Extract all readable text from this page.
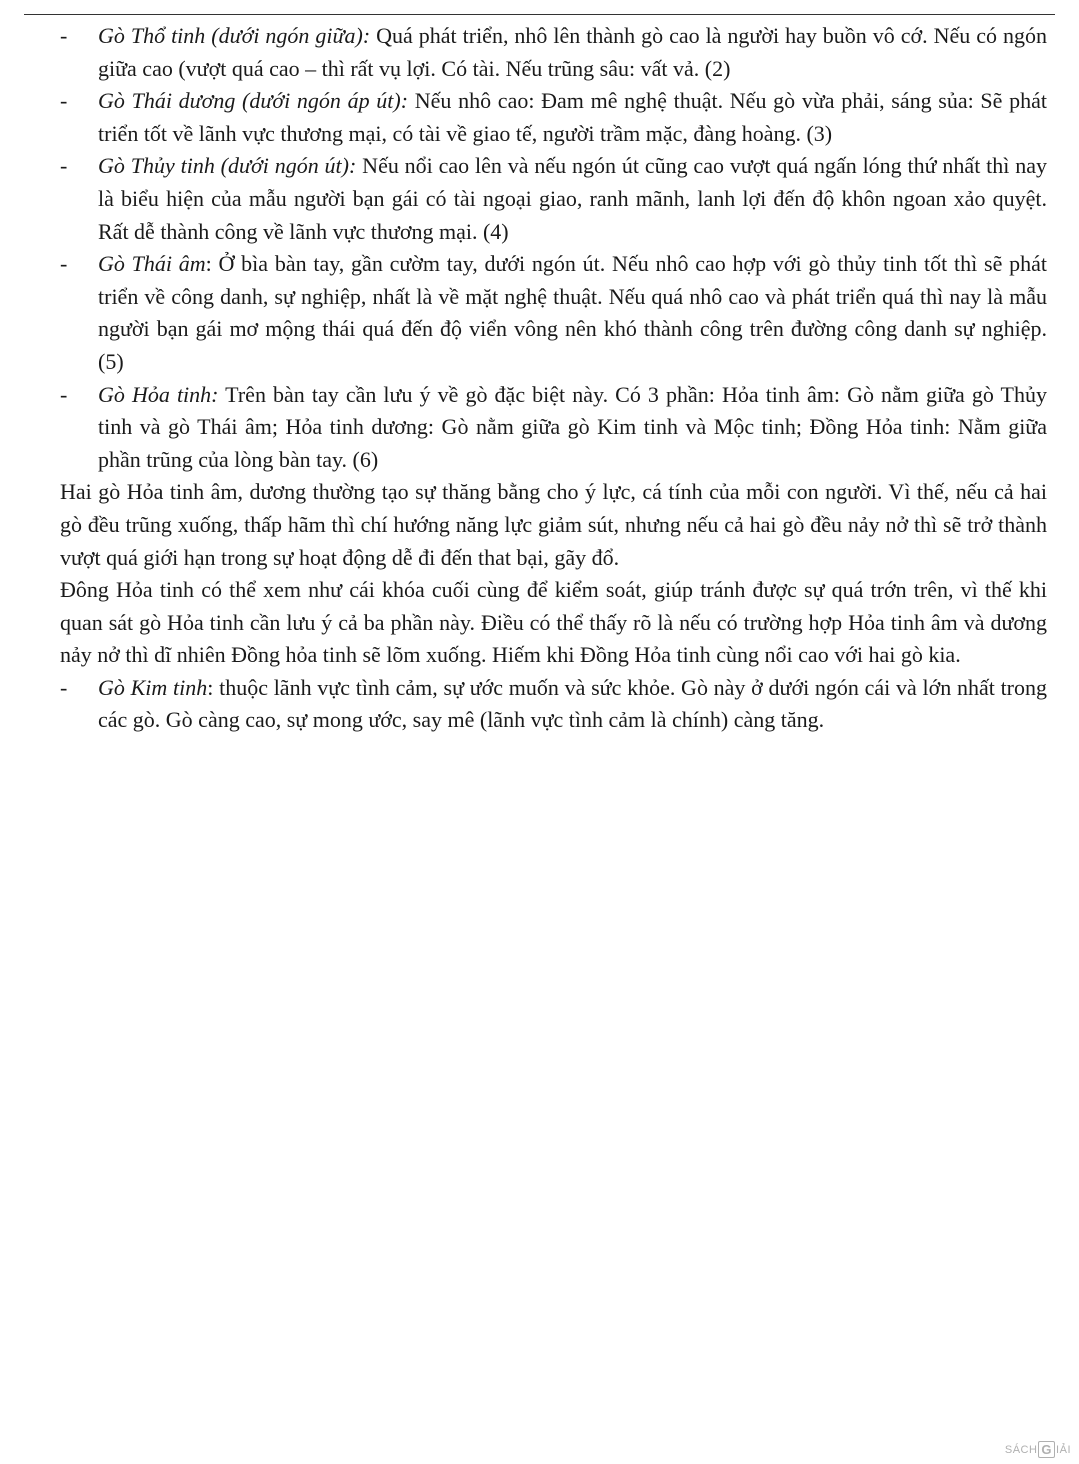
- Gò Thổ tinh (dưới ngón giữa): Quá phát triển, nhô lên thành gò cao là người hay buồn vô cớ. Nếu có ngón giữa cao (vượt quá cao – thì rất vụ lợi. Có tài. Nếu trũng sâu: vất vả. (2)
- Gò Thái dương (dưới ngón áp út): Nếu nhô cao: Đam mê nghệ thuật. Nếu gò vừa phải, sáng sủa: Sẽ phát triển tốt về lãnh vực thương mại, có tài về giao tế, người trầm mặc, đàng hoàng. (3)
- Gò Thủy tinh (dưới ngón út): Nếu nổi cao lên và nếu ngón út cũng cao vượt quá ngấn lóng thứ nhất thì nay là biểu hiện của mẫu người bạn gái có tài ngoại giao, ranh mãnh, lanh lợi đến độ khôn ngoan xảo quyệt. Rất dễ thành công về lãnh vực thương mại. (4)
- Gò Thái âm: Ở bìa bàn tay, gần cườm tay, dưới ngón út. Nếu nhô cao hợp với gò thủy tinh tốt thì sẽ phát triển về công danh, sự nghiệp, nhất là về mặt nghệ thuật. Nếu quá nhô cao và phát triển quá thì nay là mẫu người bạn gái mơ mộng thái quá đến độ viển vông nên khó thành công trên đường công danh sự nghiệp. (5)
- Gò Hỏa tinh: Trên bàn tay cần lưu ý về gò đặc biệt này. Có 3 phần: Hỏa tinh âm: Gò nằm giữa gò Thủy tinh và gò Thái âm; Hỏa tinh dương: Gò nằm giữa gò Kim tinh và Mộc tinh; Đồng Hỏa tinh: Nằm giữa phần trũng của lòng bàn tay. (6)

Hai gò Hỏa tinh âm, dương thường tạo sự thăng bằng cho ý lực, cá tính của mỗi con người. Vì thế, nếu cả hai gò đều trũng xuống, thấp hãm thì chí hướng năng lực giảm sút, nhưng nếu cả hai gò đều nảy nở thì sẽ trở thành vượt quá giới hạn trong sự hoạt động dễ đi đến that bại, gãy đổ.

Đông Hỏa tinh có thể xem như cái khóa cuối cùng để kiểm soát, giúp tránh được sự quá trớn trên, vì thế khi quan sát gò Hỏa tinh cần lưu ý cả ba phần này. Điều có thể thấy rõ là nếu có trường hợp Hỏa tinh âm và dương nảy nở thì dĩ nhiên Đồng hỏa tinh sẽ lõm xuống. Hiếm khi Đồng Hỏa tinh cùng nổi cao với hai gò kia.

- Gò Kim tinh: thuộc lãnh vực tình cảm, sự ước muốn và sức khỏe. Gò này ở dưới ngón cái và lớn nhất trong các gò. Gò càng cao, sự mong ước, say mê (lãnh vực tình cảm là chính) càng tăng.
SÁCH G IẢI
